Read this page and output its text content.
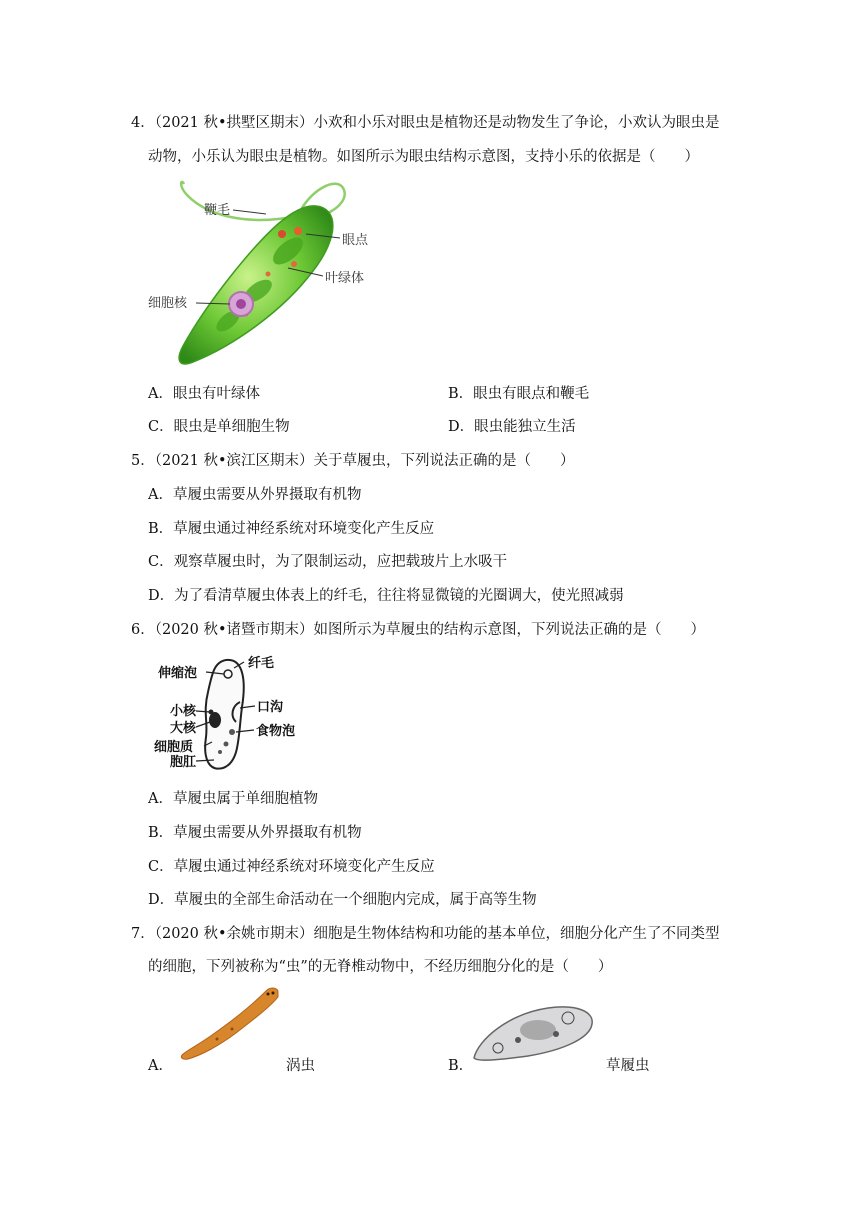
4．（2021 秋•拱墅区期末）小欢和小乐对眼虫是植物还是动物发生了争论，小欢认为眼虫是
动物，小乐认为眼虫是植物。如图所示为眼虫结构示意图，支持小乐的依据是（　　）
鞭毛
眼点
叶绿体
细胞核
A．眼虫有叶绿体	B．眼虫有眼点和鞭毛
C．眼虫是单细胞生物	D．眼虫能独立生活
5．（2021 秋•滨江区期末）关于草履虫，下列说法正确的是（　　）
A．草履虫需要从外界摄取有机物
B．草履虫通过神经系统对环境变化产生反应
C．观察草履虫时，为了限制运动，应把载玻片上水吸干
D．为了看清草履虫体表上的纤毛，往往将显微镜的光圈调大，使光照减弱
6．（2020 秋•诸暨市期末）如图所示为草履虫的结构示意图，下列说法正确的是（　　）
纤毛
伸缩泡
小核
大核
细胞质
胞肛
口沟
食物泡
A．草履虫属于单细胞植物
B．草履虫需要从外界摄取有机物
C．草履虫通过神经系统对环境变化产生反应
D．草履虫的全部生命活动在一个细胞内完成，属于高等生物
7．（2020 秋•余姚市期末）细胞是生物体结构和功能的基本单位，细胞分化产生了不同类型
的细胞，下列被称为“虫”的无脊椎动物中，不经历细胞分化的是（　　）
A．	涡虫	B．	草履虫
